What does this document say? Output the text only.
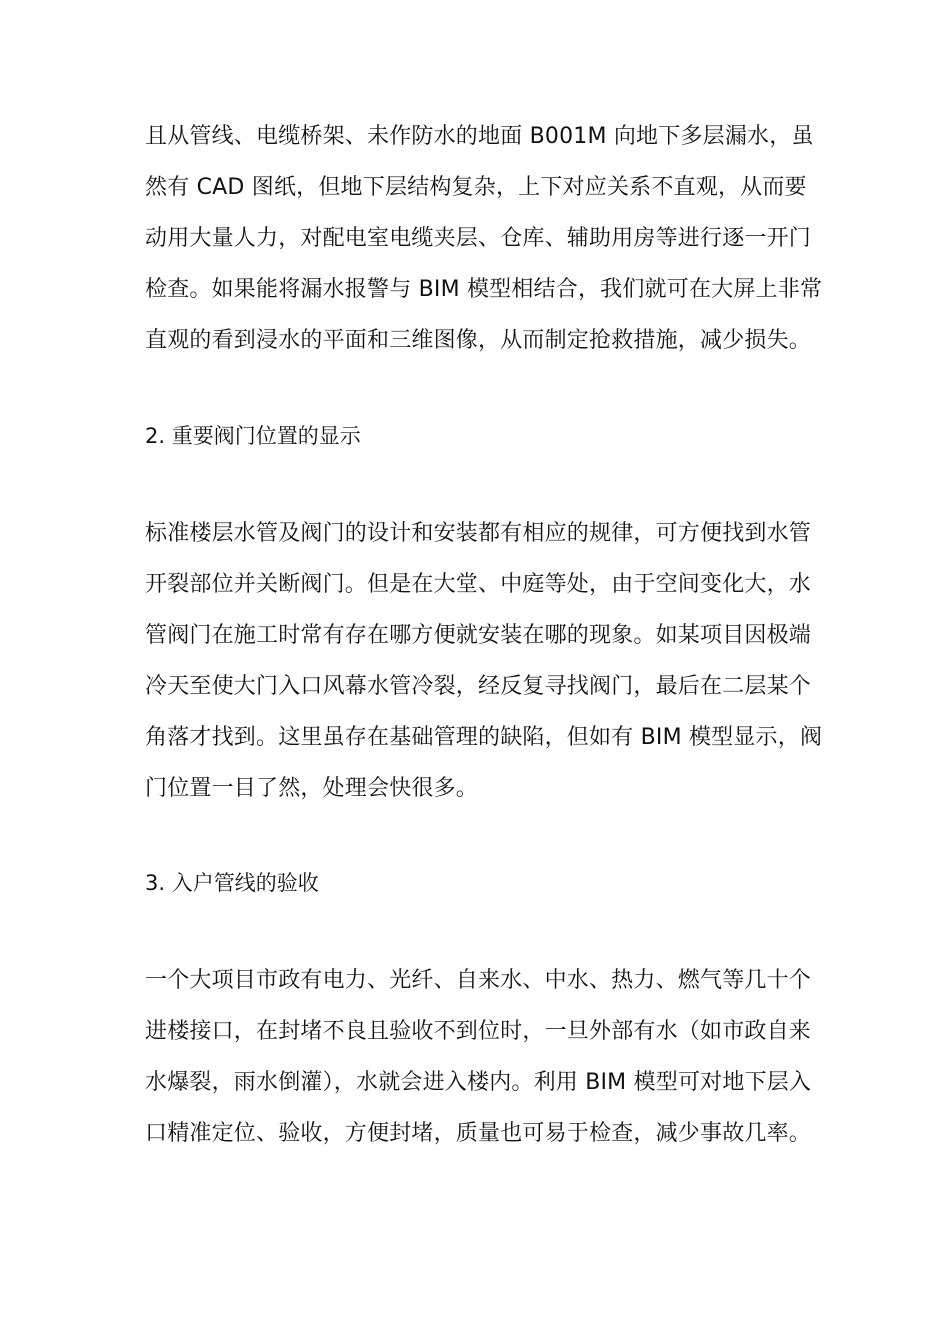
且从管线、电缆桥架、未作防水的地面 B001M 向地下多层漏水，虽
然有 CAD 图纸，但地下层结构复杂，上下对应关系不直观，从而要
动用大量人力，对配电室电缆夹层、仓库、辅助用房等进行逐一开门
检查。如果能将漏水报警与 BIM 模型相结合，我们就可在大屏上非常
直观的看到浸水的平面和三维图像，从而制定抢救措施，减少损失。

2. 重要阀门位置的显示

标准楼层水管及阀门的设计和安装都有相应的规律，可方便找到水管
开裂部位并关断阀门。但是在大堂、中庭等处，由于空间变化大，水
管阀门在施工时常有存在哪方便就安装在哪的现象。如某项目因极端
冷天至使大门入口风幕水管冷裂，经反复寻找阀门，最后在二层某个
角落才找到。这里虽存在基础管理的缺陷，但如有 BIM 模型显示，阀
门位置一目了然，处理会快很多。

3. 入户管线的验收

一个大项目市政有电力、光纤、自来水、中水、热力、燃气等几十个
进楼接口，在封堵不良且验收不到位时，一旦外部有水（如市政自来
水爆裂，雨水倒灌），水就会进入楼内。利用 BIM 模型可对地下层入
口精准定位、验收，方便封堵，质量也可易于检查，减少事故几率。
